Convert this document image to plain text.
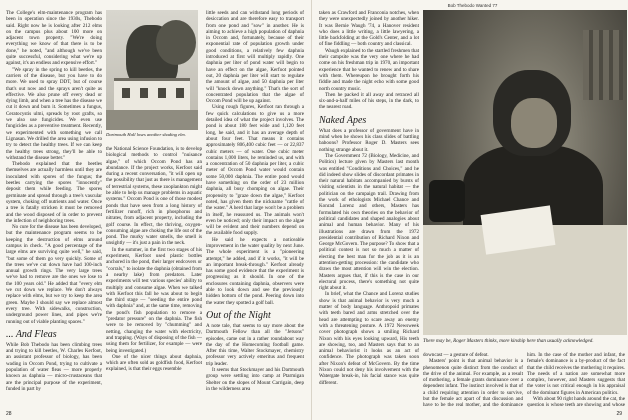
The College's elm-maintenance program has been in operation since the 1930s, Thebodo said. Right now he is looking after 212 elms on the campus plus about 100 more on adjacent town property. "We're doing everything we know of that there is to be done," he noted, "and although we've been quite successful, considering what we're up against, it's an endless and expensive effort."

"We spray in the spring to kill beetles, the carriers of the disease, but you have to do more. We used to spray DDT, but of course that's out now and the sprays aren't quite as effective. We also prune off every dead or dying limb, and when a tree has the disease we cut it down and burn it. Sometimes a fungus, Ceratocystis ulmi, spreads by root grafts, so we also use fungicides. We even use fungicides as a preventive treatment. Recently, we experimented with something we call Lignasan. We drilled the area using infusion to try to detect the healthy trees. If we can keep the healthy trees strong, they'll be able to withstand the disease better."

Thebodo explained that the beetles themselves are actually harmless until they are inoculated with spores of the fungus; the beetles carrying the spores "innocently" deposit them while feeding. The spores germinate and spread through a tree's vascular system, choking off nutrients and water. Once a tree is fatally stricken it must be removed and the wood disposed of in order to prevent the infection of neighboring trees.

No cure for the disease has been developed, but the maintenance program seems to be keeping the destruction of elms around campus in check. "A good percentage of the large elms are surviving quite well," he said, "but some of them go very quickly. Some of the trees we've cut down have had 100-inch annual growth rings. The very large trees we've had to remove are the ones we lose to the 100 years old." He added that "every elm we cut down we replace. We don't always replace with elms, but we try to keep the area green. Maybe I should say we replace almost every tree. With sidewalks, construction, underground power lines, and pipes we're running out of viable planting spaces."

... And Fleas

While Bob Thebodo has been climbing trees and trying to kill beetles, W. Charles Kerfoot, an assistant professor of biology, has been wading in Occom Pond, trying to cultivate a population of water fleas — more properly known as daphnia — micro-crustaceans that are the principal purpose of the experiment, funded in part by

Dartmouth Hall loses another shading elm.

the National Science Foundation, is to develop biological methods to control "nuisance algae," of which Occom Pond has an abundance. If the project works, Kerfoot said during a recent conversation, "it will open up the possibility that just as there is management of terrestrial systems, these zooplankton might be able to help us manage problems in aquatic systems." Occom Pond is one of those modest ponds that have seen from a long history of fertilizer runoff, rich in phosphorus and nitrates, from adjacent property, including the golf course. In effect, the thriving, oxygen-consuming algae are choking the life out of the pond. The murky water smells, the smell is unsightly — it's just a pain in the neck.

In the summer, in the first two stages of his experiment, Kerfoot used plastic bottles anchored in the pond, their larger endcovers or "corrals," to isolate the daphnia (obtained from a nearby lake) from predators. Later experiments will test various species' ability to multiply and consume algae. When we talked with Kerfoot this fall he was about to begin the third stage — "seeding the entire pond with daphnia" and, at the same time, removing the pond's fish population to remove a "predator pressure" on the daphnia. The fish were to be removed by "chumming" and netting, changing the water with electricity, and trapping. (Ways of disposing of the fish — using them for fertilizer, for example — were being investigated.)

One of the nicer things about daphnia, which are often sold as goldfish food, Kerfoot explained, is that their eggs resemble

little seeds and can withstand long periods of desiccation and are therefore easy to transport from one pond and "sow" in another. He is aiming to achieve a high population of daphnia in Occom and, fortunately, because of their exponential rate of population growth under good conditions, a relatively few daphnia introduced at first will multiply rapidly. One daphnia per liter of pond water will begin to have an effect on the algae, Kerfoot pointed out, 20 daphnia per liter will start to regulate the amount of algae, and 50 daphnia per liter will "knock down anything." That's the sort of concentrated population that the algae of Occom Pond will be up against.

Using rough figures, Kerfoot ran through a few quick calculations to give us a more detailed idea of what the project involves. The pond is about 180 feet wide and 1,120 feet long, he said, and it has an average depth of about four feet. That means it contains approximately 806,400 cubic feet — or 22,837 cubic meters — of water. One cubic meter contains 1,000 liters, he reminded us, and with a concentration of 50 daphnia per liter, a cubic meter of Occom Pond water would contain some 50,000 daphnia. The entire pond would have something on the order of 23 million daphnia, all busy chomping on algae. Their propensity to "graze down the algae," Kerfoot noted, has given them the nickname "cattle of the water." A herd that large won't be a problem in itself, he reassured us. The animals won't even be noticed; only their impact on the algae will be evident and their numbers depend on the available food supply.

He said he expects a noticeable improvement in the water quality by next June. The whole experiment is a "pioneering attempt," he added, and if it works, "it will be an important break-through." Kerfoot already has some good evidence that the experiment is progressing as it should. In one of the enclosures containing daphnia, observers were able to look down and see the previously hidden bottom of the pond. Peering down into the water they spotted a golf ball.

Out of the Night

A note tale, that seems to say more about the Dartmouth Fellow than all the "Jetsons" episodes, came out in a rather roundabout way the day of the Homecoming football game. After this time, Walter Stockmayer, chemistry professor very actively emeritus and frequent trip leader.

It seems that Stockmayer and his Dartmouth group were settling into camp at Ptarmigan Shelter on the slopes of Mount Carrigain, deep in the wilderness area

28
Bob Thebodo Wanted 77

taken as Crawford and Franconia notches, when they were unexpectedly joined by another hiker. It was Bernie Waugh '74, a Hanover resident who does a little writing, a little lawyering, a little backfolding at the Gold's Center, and a lot of fine fiddling — both country and classical.

Waugh explained to the startled freshmen that their campsite was the very one where he had come on his freshman trip in 1970, an important experience that he wanted to renew and to share with them. Whereupon he brought forth his fiddle and made the night echo with some good north country music.

Then he packed it all away and retraced all six-and-a-half miles of his steps, in the dark, to the nearest road.

Naked Apes

What does a professor of government have in mind when he shows his class slides of battling baboons? Professor Roger D. Masters sees nothing strange about it.

The Government 72 (Biology, Medicine, and Politics) lecture given by Masters last month was entitled "Conditions and Choices," and he did indeed show slides of discordant primates in their natural habitats accompanied by bursts of visiting scientists in the natural habitat — the politician on the campaign trail. Drawing from the work of ethologists Michael Chance and Konrad Lorenz and others, Masters has formulated his own theories on the behavior of political candidates and shaped analogies about animal and human behavior. Many of his illustrations are drawn from the 1972 presidential contribution of Richard Nixon and George McGovern. The purpose? To show that a political contest is not so much a matter of electing the best man for the job as it is an attention-getting procession: the candidate who draws the most attention will win the election. Masters argues that, if this is the case in our electoral process, there's something not quite right about it.

In brief, what the Chance and Lorenz studies show is that animal behavior is very much a matter of body language. Anthropoid primates with teeth bared and arms stretched over the head are attempting to scare away an enemy with a threatening posture. A 1972 Newsweek cover photograph shows a smiling Richard Nixon with his eyes looking upward, His teeth are showing, too, and Masters says that to an animal behaviorist it looks as an act of confidence. The photograph was taken soon after Nixon's defeat of McGovern. By the time Nixon could not deny his involvement with the Watergate break-in, his facial stance was quite different.

There may be, Roger Masters thinks, more kinship here than usually acknowledged.

downcast — a gesture of defeat.

Masters' point is that animal behavior is a phenomenon quite distinct from the conduct of the drive of the animal. For example, as a result of mothering, a female grants dominance over a dependent infant. The instinct involved is that of a child requiring attention in order to survive, but the female act apart of that discussion and have to be the real mother, and the dominance

him. In the case of the mother and infant, the female's dominance is a by-product of the fact that the child receives the mothering it requires. The needs of a nation are somewhat more complex, however, and Masters suggests that the voter is not critical enough in his appraisal of the dominant figures in American politics.

With about 90 right hands around the cat, the question is whose teeth are showing and whose

29
